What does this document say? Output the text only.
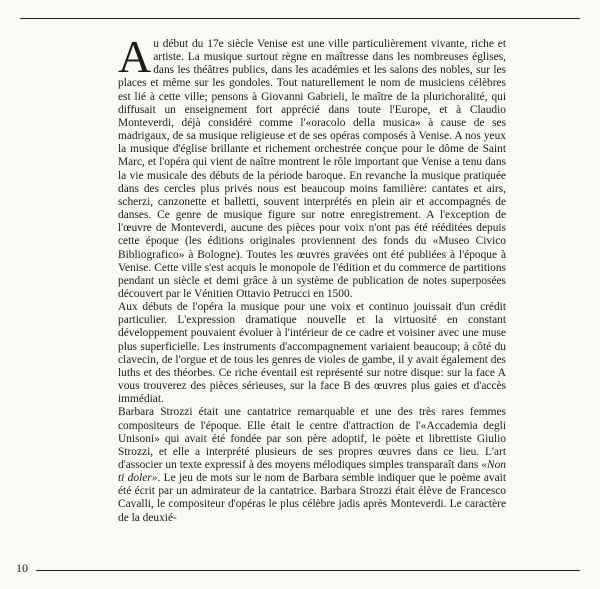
Au début du 17e siècle Venise est une ville particulièrement vivante, riche et artiste. La musique surtout règne en maîtresse dans les nombreuses églises, dans les théâtres publics, dans les académies et les salons des nobles, sur les places et même sur les gondoles. Tout naturellement le nom de musiciens célèbres est lié à cette ville; pensons à Giovanni Gabrieli, le maître de la plurichoralité, qui diffusait un enseignement fort apprécié dans toute l'Europe, et à Claudio Monteverdi, déjà considéré comme l'«oracolo della musica» à cause de ses madrigaux, de sa musique religieuse et de ses opéras composés à Venise. A nos yeux la musique d'église brillante et richement orchestrée conçue pour le dôme de Saint Marc, et l'opéra qui vient de naître montrent le rôle important que Venise a tenu dans la vie musicale des débuts de la période baroque. En revanche la musique pratiquée dans des cercles plus privés nous est beaucoup moins familière: cantates et airs, scherzi, canzonette et balletti, souvent interprétés en plein air et accompagnés de danses. Ce genre de musique figure sur notre enregistrement. A l'exception de l'œuvre de Monteverdi, aucune des pièces pour voix n'ont pas été rééditées depuis cette époque (les éditions originales proviennent des fonds du «Museo Civico Bibliografico» à Bologne). Toutes les œuvres gravées ont été publiées à l'époque à Venise. Cette ville s'est acquis le monopole de l'édition et du commerce de partitions pendant un siècle et demi grâce à un système de publication de notes superposées découvert par le Vénitien Ottavio Petrucci en 1500.

Aux débuts de l'opéra la musique pour une voix et continuo jouissait d'un crédit particulier. L'expression dramatique nouvelle et la virtuosité en constant développement pouvaient évoluer à l'intérieur de ce cadre et voisiner avec une muse plus superficielle. Les instruments d'accompagnement variaient beaucoup; à côté du clavecin, de l'orgue et de tous les genres de violes de gambe, il y avait également des luths et des théorbes. Ce riche éventail est représenté sur notre disque: sur la face A vous trouverez des pièces sérieuses, sur la face B des œuvres plus gaies et d'accès immédiat.

Barbara Strozzi était une cantatrice remarquable et une des très rares femmes compositeurs de l'époque. Elle était le centre d'attraction de l'«Accademia degli Unisoni» qui avait été fondée par son père adoptif, le poète et librettiste Giulio Strozzi, et elle a interprété plusieurs de ses propres œuvres dans ce lieu. L'art d'associer un texte expressif à des moyens mélodiques simples transparaît dans «Non ti doler». Le jeu de mots sur le nom de Barbara semble indiquer que le poème avait été écrit par un admirateur de la cantatrice. Barbara Strozzi était élève de Francesco Cavalli, le compositeur d'opéras le plus célèbre jadis après Monteverdi. Le caractère de la deuxié-

10
